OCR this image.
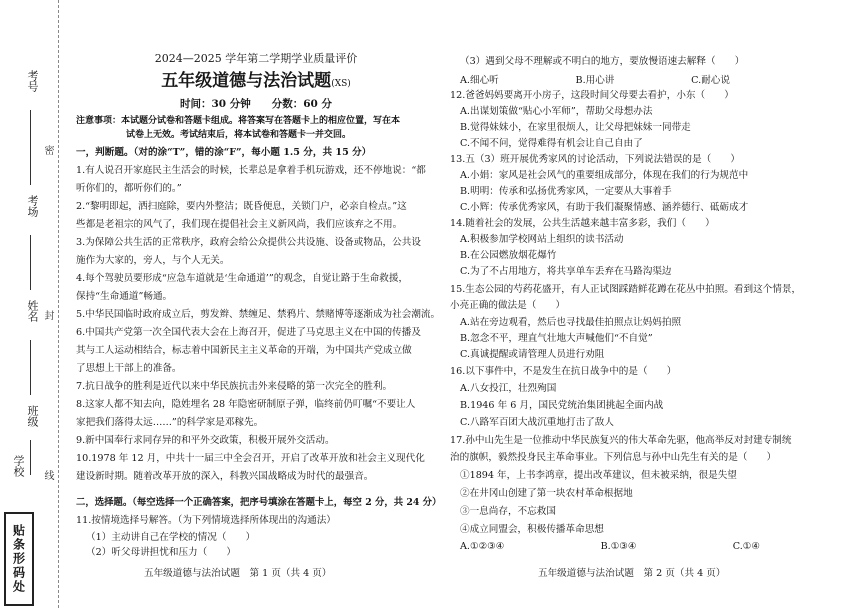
考号
考场
姓名
班级
学校
密
封
线
贴条形码处
2024—2025 学年第二学期学业质量评价
五年级道德与法治试题(XS)
时间：30 分钟　　分数：60 分
注意事项：本试题分试卷和答题卡组成。将答案写在答题卡上的相应位置，写在本
试卷上无效。考试结束后，将本试卷和答题卡一并交回。
一，判断题。（对的涂“T”，错的涂“F”，每小题 1.5 分，共 15 分）
1.有人说召开家庭民主生活会的时候，长辈总是拿着手机玩游戏，还不停地说：“都
听你们的，都听你们的。”
2.“黎明即起，洒扫庭除，要内外整洁；既昏便息，关锁门户，必亲自检点。”这
些都是老祖宗的风气了，我们现在提倡社会主义新风尚，我们应该弃之不用。
3.为保障公共生活的正常秩序，政府会给公众提供公共设施、设备或物品，公共设
施作为大家的，旁人，与个人无关。
4.每个驾驶员要形成“应急车道就是‘生命通道’”的观念，自觉让路于生命救援，
保持“生命通道”畅通。
5.中华民国临时政府成立后，剪发辫、禁缠足、禁鸦片、禁赌博等逐渐成为社会潮流。
6.中国共产党第一次全国代表大会在上海召开，促进了马克思主义在中国的传播及
其与工人运动相结合，标志着中国新民主主义革命的开端，为中国共产党成立做
了思想上干部上的准备。
7.抗日战争的胜利是近代以来中华民族抗击外来侵略的第一次完全的胜利。
8.这家人都不知去向，隐姓埋名 28 年隐密研制原子弹，临终前仍叮嘱“不要让人
家把我们落得太远……”的科学家是邓稼先。
9.新中国奉行求同存异的和平外交政策，积极开展外交活动。
10.1978 年 12 月，中共十一届三中全会召开，开启了改革开放和社会主义现代化
建设新时期。随着改革开放的深入，科教兴国战略成为时代的最强音。
二，选择题。（每空选择一个正确答案，把序号填涂在答题卡上，每空 2 分，共 24 分）
11.按情境选择号解答。（为下列情境选择所体现出的沟通法）
（1）主动讲自己在学校的情况（　　）
（2）听父母讲担忧和压力（　　）
五年级道德与法治试题　第 1 页（共 4 页）
（3）遇到父母不理解或不明白的地方，要放慢语速去解释（　　）
A.细心听	B.用心讲	C.耐心说
12.爸爸妈妈要离开小房子，这段时间父母要去看护，小东（　　）
A.出谋划策做“贴心小军师”，帮助父母想办法
B.觉得妹妹小，在家里很烦人，让父母把妹妹一同带走
C.不闻不问，觉得难得有机会让自己自由了
13.五（3）班开展优秀家风的讨论活动，下列说法错误的是（　　）
A.小娟：家风是社会风气的重要组成部分，体现在我们的行为规范中
B.明明：传承和弘扬优秀家风，一定要从大事着手
C.小辉：传承优秀家风，有助于我们凝聚情感、涵养德行、砥砺成才
14.随着社会的发展，公共生活越来越丰富多彩，我们（　　）
A.积极参加学校网站上组织的读书活动
B.在公园燃放烟花爆竹
C.为了不占用地方，将共享单车丢弃在马路沟渠边
15.生态公园的芍药花盛开，有人正试图踩踏鲜花蹲在花丛中拍照。看到这个情景，
小亮正确的做法是（　　）
A.站在旁边观看，然后也寻找最佳拍照点让妈妈拍照
B.忽念不平，理直气壮地大声喊他们“不自觉”
C.真诚提醒或请管理人员进行劝阻
16.以下事件中，不是发生在抗日战争中的是（　　）
A.八女投江，壮烈殉国
B.1946 年 6 月，国民党统治集团挑起全面内战
C.八路军百团大战沉重地打击了敌人
17.孙中山先生是一位推动中华民族复兴的伟大革命先驱，他高举反对封建专制统
治的旗帜，毅然投身民主革命事业。下列信息与孙中山先生有关的是（　　）
①1894 年，上书李鸿章，提出改革建议，但未被采纳，很是失望
②在井冈山创建了第一块农村革命根据地
③一息尚存，不忘救国
④成立同盟会，积极传播革命思想
A.①②③④	B.①③④	C.①④
五年级道德与法治试题　第 2 页（共 4 页）
